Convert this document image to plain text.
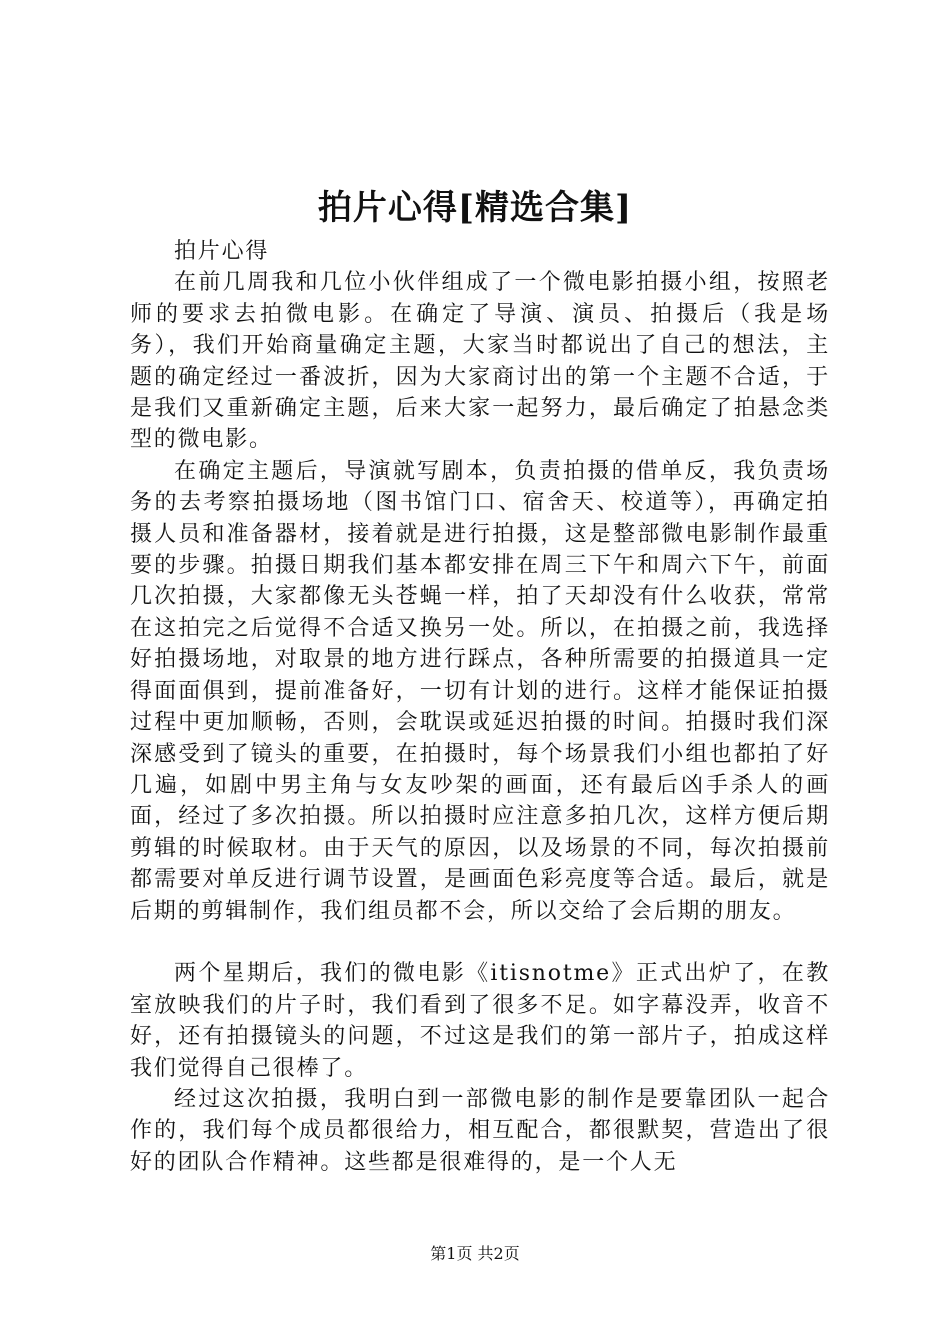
拍片心得[精选合集]

拍片心得

在前几周我和几位小伙伴组成了一个微电影拍摄小组，按照老师的要求去拍微电影。在确定了导演、演员、拍摄后（我是场务），我们开始商量确定主题，大家当时都说出了自己的想法，主题的确定经过一番波折，因为大家商讨出的第一个主题不合适，于是我们又重新确定主题，后来大家一起努力，最后确定了拍悬念类型的微电影。

在确定主题后，导演就写剧本，负责拍摄的借单反，我负责场务的去考察拍摄场地（图书馆门口、宿舍天、校道等），再确定拍摄人员和准备器材，接着就是进行拍摄，这是整部微电影制作最重要的步骤。拍摄日期我们基本都安排在周三下午和周六下午，前面几次拍摄，大家都像无头苍蝇一样，拍了天却没有什么收获，常常在这拍完之后觉得不合适又换另一处。所以，在拍摄之前，我选择好拍摄场地，对取景的地方进行踩点，各种所需要的拍摄道具一定得面面俱到，提前准备好，一切有计划的进行。这样才能保证拍摄过程中更加顺畅，否则，会耽误或延迟拍摄的时间。拍摄时我们深深感受到了镜头的重要，在拍摄时，每个场景我们小组也都拍了好几遍，如剧中男主角与女友吵架的画面，还有最后凶手杀人的画面，经过了多次拍摄。所以拍摄时应注意多拍几次，这样方便后期剪辑的时候取材。由于天气的原因，以及场景的不同，每次拍摄前都需要对单反进行调节设置，是画面色彩亮度等合适。最后，就是后期的剪辑制作，我们组员都不会，所以交给了会后期的朋友。

两个星期后，我们的微电影《itisnotme》正式出炉了，在教室放映我们的片子时，我们看到了很多不足。如字幕没弄，收音不好，还有拍摄镜头的问题，不过这是我们的第一部片子，拍成这样我们觉得自己很棒了。

经过这次拍摄，我明白到一部微电影的制作是要靠团队一起合作的，我们每个成员都很给力，相互配合，都很默契，营造出了很好的团队合作精神。这些都是很难得的，是一个人无

第1页 共2页
